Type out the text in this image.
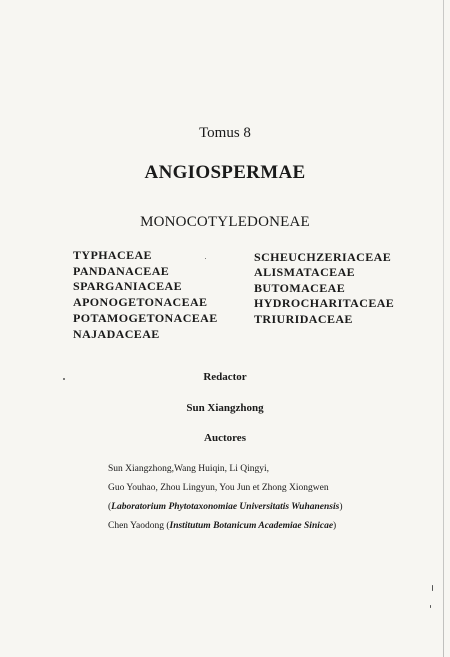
Tomus 8
ANGIOSPERMAE
MONOCOTYLEDONEAE
TYPHACEAE
PANDANACEAE
SPARGANIACEAE
APONOGETONACEAE
POTAMOGETONACEAE
NAJADACEAE
SCHEUCHZERIACEAE
ALISMATACEAE
BUTOMACEAE
HYDROCHARITACEAE
TRIURIDACEAE
Redactor
Sun Xiangzhong
Auctores
Sun Xiangzhong,Wang Huiqin, Li Qingyi,
Guo Youhao, Zhou Lingyun, You Jun et Zhong Xiongwen
(Laboratorium Phytotaxonomiae Universitatis Wuhanensis)
Chen Yaodong (Institutum Botanicum Academiae Sinicae)
